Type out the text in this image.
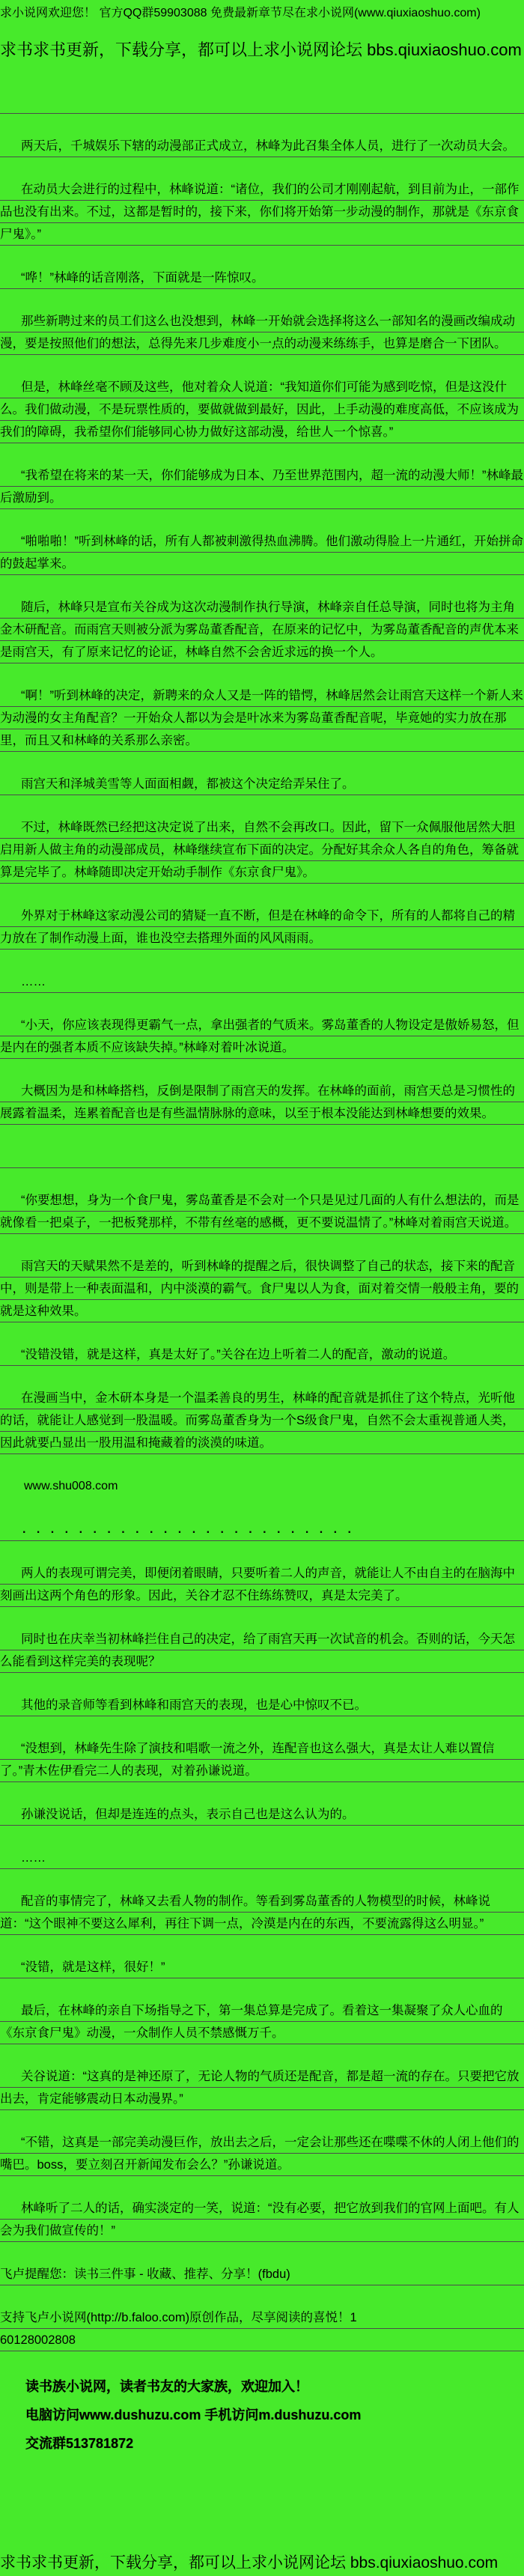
求小说网欢迎您！ 官方QQ群59903088 免费最新章节尽在求小说网(www.qiuxiaoshuo.com)
求书求书更新，下载分享，都可以上求小说网论坛 bbs.qiuxiaoshuo.com

两天后，千城娱乐下辖的动漫部正式成立，林峰为此召集全体人员，进行了一次动员大会。

在动员大会进行的过程中，林峰说道：“诸位，我们的公司才刚刚起航，到目前为止，一部作品也没有出来。不过，这都是暂时的，接下来，你们将开始第一步动漫的制作，那就是《东京食尸鬼》。”

“哗！”林峰的话音刚落，下面就是一阵惊叹。

那些新聘过来的员工们这么也没想到，林峰一开始就会选择将这么一部知名的漫画改编成动漫，要是按照他们的想法，总得先来几步难度小一点的动漫来练练手，也算是磨合一下团队。

但是，林峰丝毫不顾及这些，他对着众人说道：“我知道你们可能为感到吃惊，但是这没什么。我们做动漫，不是玩票性质的，要做就做到最好，因此，上手动漫的难度高低，不应该成为我们的障碍，我希望你们能够同心协力做好这部动漫，给世人一个惊喜。”

“我希望在将来的某一天，你们能够成为日本、乃至世界范围内，超一流的动漫大师！”林峰最后激励到。

“啪啪啪！”听到林峰的话，所有人都被刺激得热血沸腾。他们激动得脸上一片通红，开始拼命的鼓起掌来。

随后，林峰只是宣布关谷成为这次动漫制作执行导演，林峰亲自任总导演，同时也将为主角金木研配音。而雨宫天则被分派为雾岛董香配音，在原来的记忆中，为雾岛董香配音的声优本来是雨宫天，有了原来记忆的论证，林峰自然不会舍近求远的换一个人。

“啊！”听到林峰的决定，新聘来的众人又是一阵的错愕，林峰居然会让雨宫天这样一个新人来为动漫的女主角配音？一开始众人都以为会是叶冰来为雾岛董香配音呢，毕竟她的实力放在那里，而且又和林峰的关系那么亲密。

雨宫天和泽城美雪等人面面相觑，都被这个决定给弄呆住了。

不过，林峰既然已经把这决定说了出来，自然不会再改口。因此，留下一众佩服他居然大胆启用新人做主角的动漫部成员，林峰继续宣布下面的决定。分配好其余众人各自的角色，筹备就算是完毕了。林峰随即决定开始动手制作《东京食尸鬼》。

外界对于林峰这家动漫公司的猜疑一直不断，但是在林峰的命令下，所有的人都将自己的精力放在了制作动漫上面，谁也没空去搭理外面的风风雨雨。

……

“小天，你应该表现得更霸气一点，拿出强者的气质来。雾岛董香的人物设定是傲娇易怒，但是内在的强者本质不应该缺失掉。”林峰对着叶冰说道。

大概因为是和林峰搭档，反倒是限制了雨宫天的发挥。在林峰的面前，雨宫天总是习惯性的展露着温柔，连累着配音也是有些温情脉脉的意味，以至于根本没能达到林峰想要的效果。

“你要想想，身为一个食尸鬼，雾岛董香是不会对一个只是见过几面的人有什么想法的，而是就像看一把桌子，一把板凳那样，不带有丝毫的感概，更不要说温情了。”林峰对着雨宫天说道。

雨宫天的天赋果然不是差的，听到林峰的提醒之后，很快调整了自己的状态，接下来的配音中，则是带上一种表面温和，内中淡漠的霸气。食尸鬼以人为食，面对着交情一般般主角，要的就是这种效果。

“没错没错，就是这样，真是太好了。”关谷在边上听着二人的配音，激动的说道。

在漫画当中，金木研本身是一个温柔善良的男生，林峰的配音就是抓住了这个特点，光听他的话，就能让人感觉到一股温暖。而雾岛董香身为一个S级食尸鬼，自然不会太重视普通人类，因此就要凸显出一股用温和掩藏着的淡漠的味道。

www.shu008.com
. . . . . . . . . . . . . . . . . . . . . . . .

两人的表现可谓完美，即便闭着眼睛，只要听着二人的声音，就能让人不由自主的在脑海中刻画出这两个角色的形象。因此，关谷才忍不住练练赞叹，真是太完美了。

同时也在庆幸当初林峰拦住自己的决定，给了雨宫天再一次试音的机会。否则的话，今天怎么能看到这样完美的表现呢？

其他的录音师等看到林峰和雨宫天的表现，也是心中惊叹不已。

“没想到，林峰先生除了演技和唱歌一流之外，连配音也这么强大，真是太让人难以置信了。”青木佐伊看完二人的表现，对着孙谦说道。

孙谦没说话，但却是连连的点头，表示自己也是这么认为的。

……

配音的事情完了，林峰又去看人物的制作。等看到雾岛董香的人物模型的时候，林峰说道：“这个眼神不要这么犀利，再往下调一点，冷漠是内在的东西，不要流露得这么明显。”

“没错，就是这样，很好！”

最后，在林峰的亲自下场指导之下，第一集总算是完成了。看着这一集凝聚了众人心血的《东京食尸鬼》动漫，一众制作人员不禁感慨万千。

关谷说道：“这真的是神还原了，无论人物的气质还是配音，都是超一流的存在。只要把它放出去，肯定能够震动日本动漫界。”

“不错，这真是一部完美动漫巨作，放出去之后，一定会让那些还在喋喋不休的人闭上他们的嘴巴。boss，要立刻召开新闻发布会么？”孙谦说道。

林峰听了二人的话，确实淡定的一笑，说道：“没有必要，把它放到我们的官网上面吧。有人会为我们做宣传的！”

飞卢提醒您：读书三件事 - 收藏、推荐、分享！(fbdu)

支持飞卢小说网(http://b.faloo.com)原创作品，尽享阅读的喜悦！1

60128002808

读书族小说网，读者书友的大家族，欢迎加入！
电脑访问www.dushuzu.com 手机访问m.dushuzu.com
交流群513781872
求书求书更新，下载分享，都可以上求小说网论坛 bbs.qiuxiaoshuo.com
